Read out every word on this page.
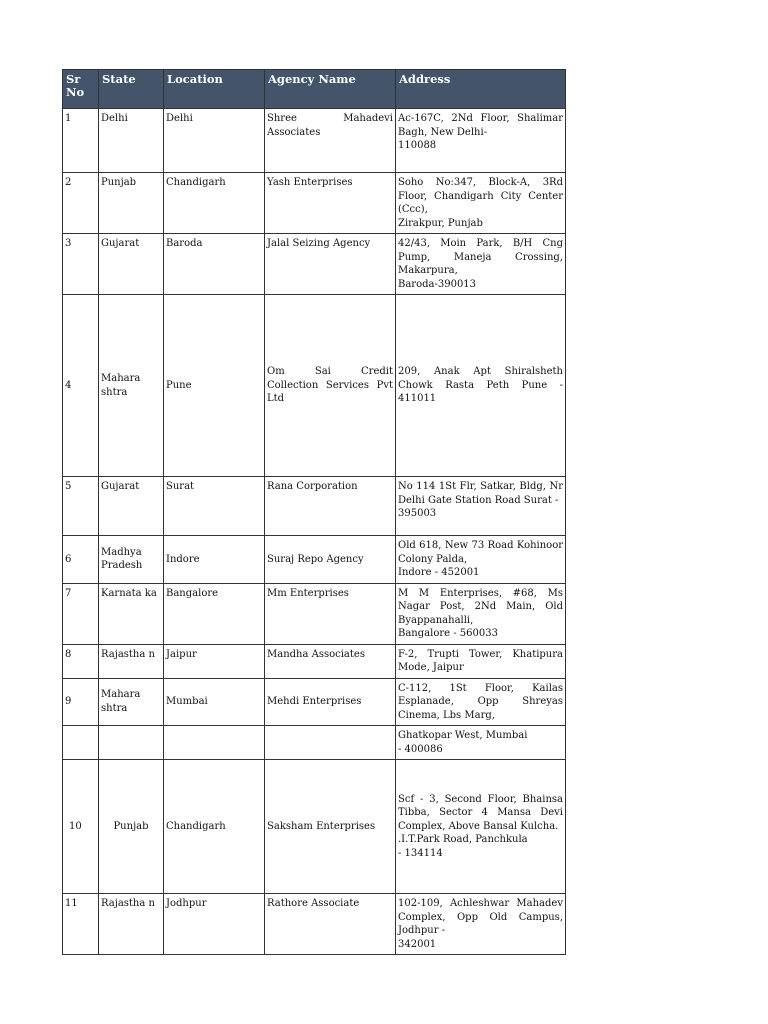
Sr No	State	Location	Agency Name	Address
1	Delhi	Delhi	Shree Mahadevi Associates	Ac-167C, 2Nd Floor, Shalimar Bagh, New Delhi-
110088

2	Punjab	Chandigarh	Yash Enterprises	Soho No:347, Block-A, 3Rd Floor, Chandigarh City Center (Ccc),
Zirakpur, Punjab

3	Gujarat	Baroda	Jalal Seizing Agency	42/43, Moin Park, B/H Cng Pump, Maneja Crossing, Makarpura,
Baroda-390013

4	Mahara shtra	Pune	Om Sai Credit Collection Services Pvt Ltd	209, Anak Apt Shiralsheth Chowk Rasta Peth Pune - 411011

5	Gujarat	Surat	Rana Corporation	No 114 1St Flr, Satkar, Bldg, Nr Delhi Gate Station Road Surat -
395003

6	Madhya Pradesh	Indore	Suraj Repo Agency	Old 618, New 73 Road Kohinoor Colony Palda,
Indore - 452001

7	Karnata ka	Bangalore	Mm Enterprises	M M Enterprises, #68, Ms Nagar Post, 2Nd Main, Old Byappanahalli,
Bangalore - 560033

8	Rajastha n	Jaipur	Mandha Associates	F-2, Trupti Tower, Khatipura Mode, Jaipur

9	Mahara shtra	Mumbai	Mehdi Enterprises	C-112, 1St Floor, Kailas Esplanade, Opp Shreyas Cinema, Lbs Marg,

				Ghatkopar West, Mumbai
- 400086

10	Punjab	Chandigarh	Saksham Enterprises	Scf - 3, Second Floor, Bhainsa Tibba, Sector 4 Mansa Devi Complex, Above Bansal Kulcha.
.I.T.Park Road, Panchkula
- 134114

11	Rajastha n	Jodhpur	Rathore Associate	102-109, Achleshwar Mahadev Complex, Opp Old Campus, Jodhpur -
342001
